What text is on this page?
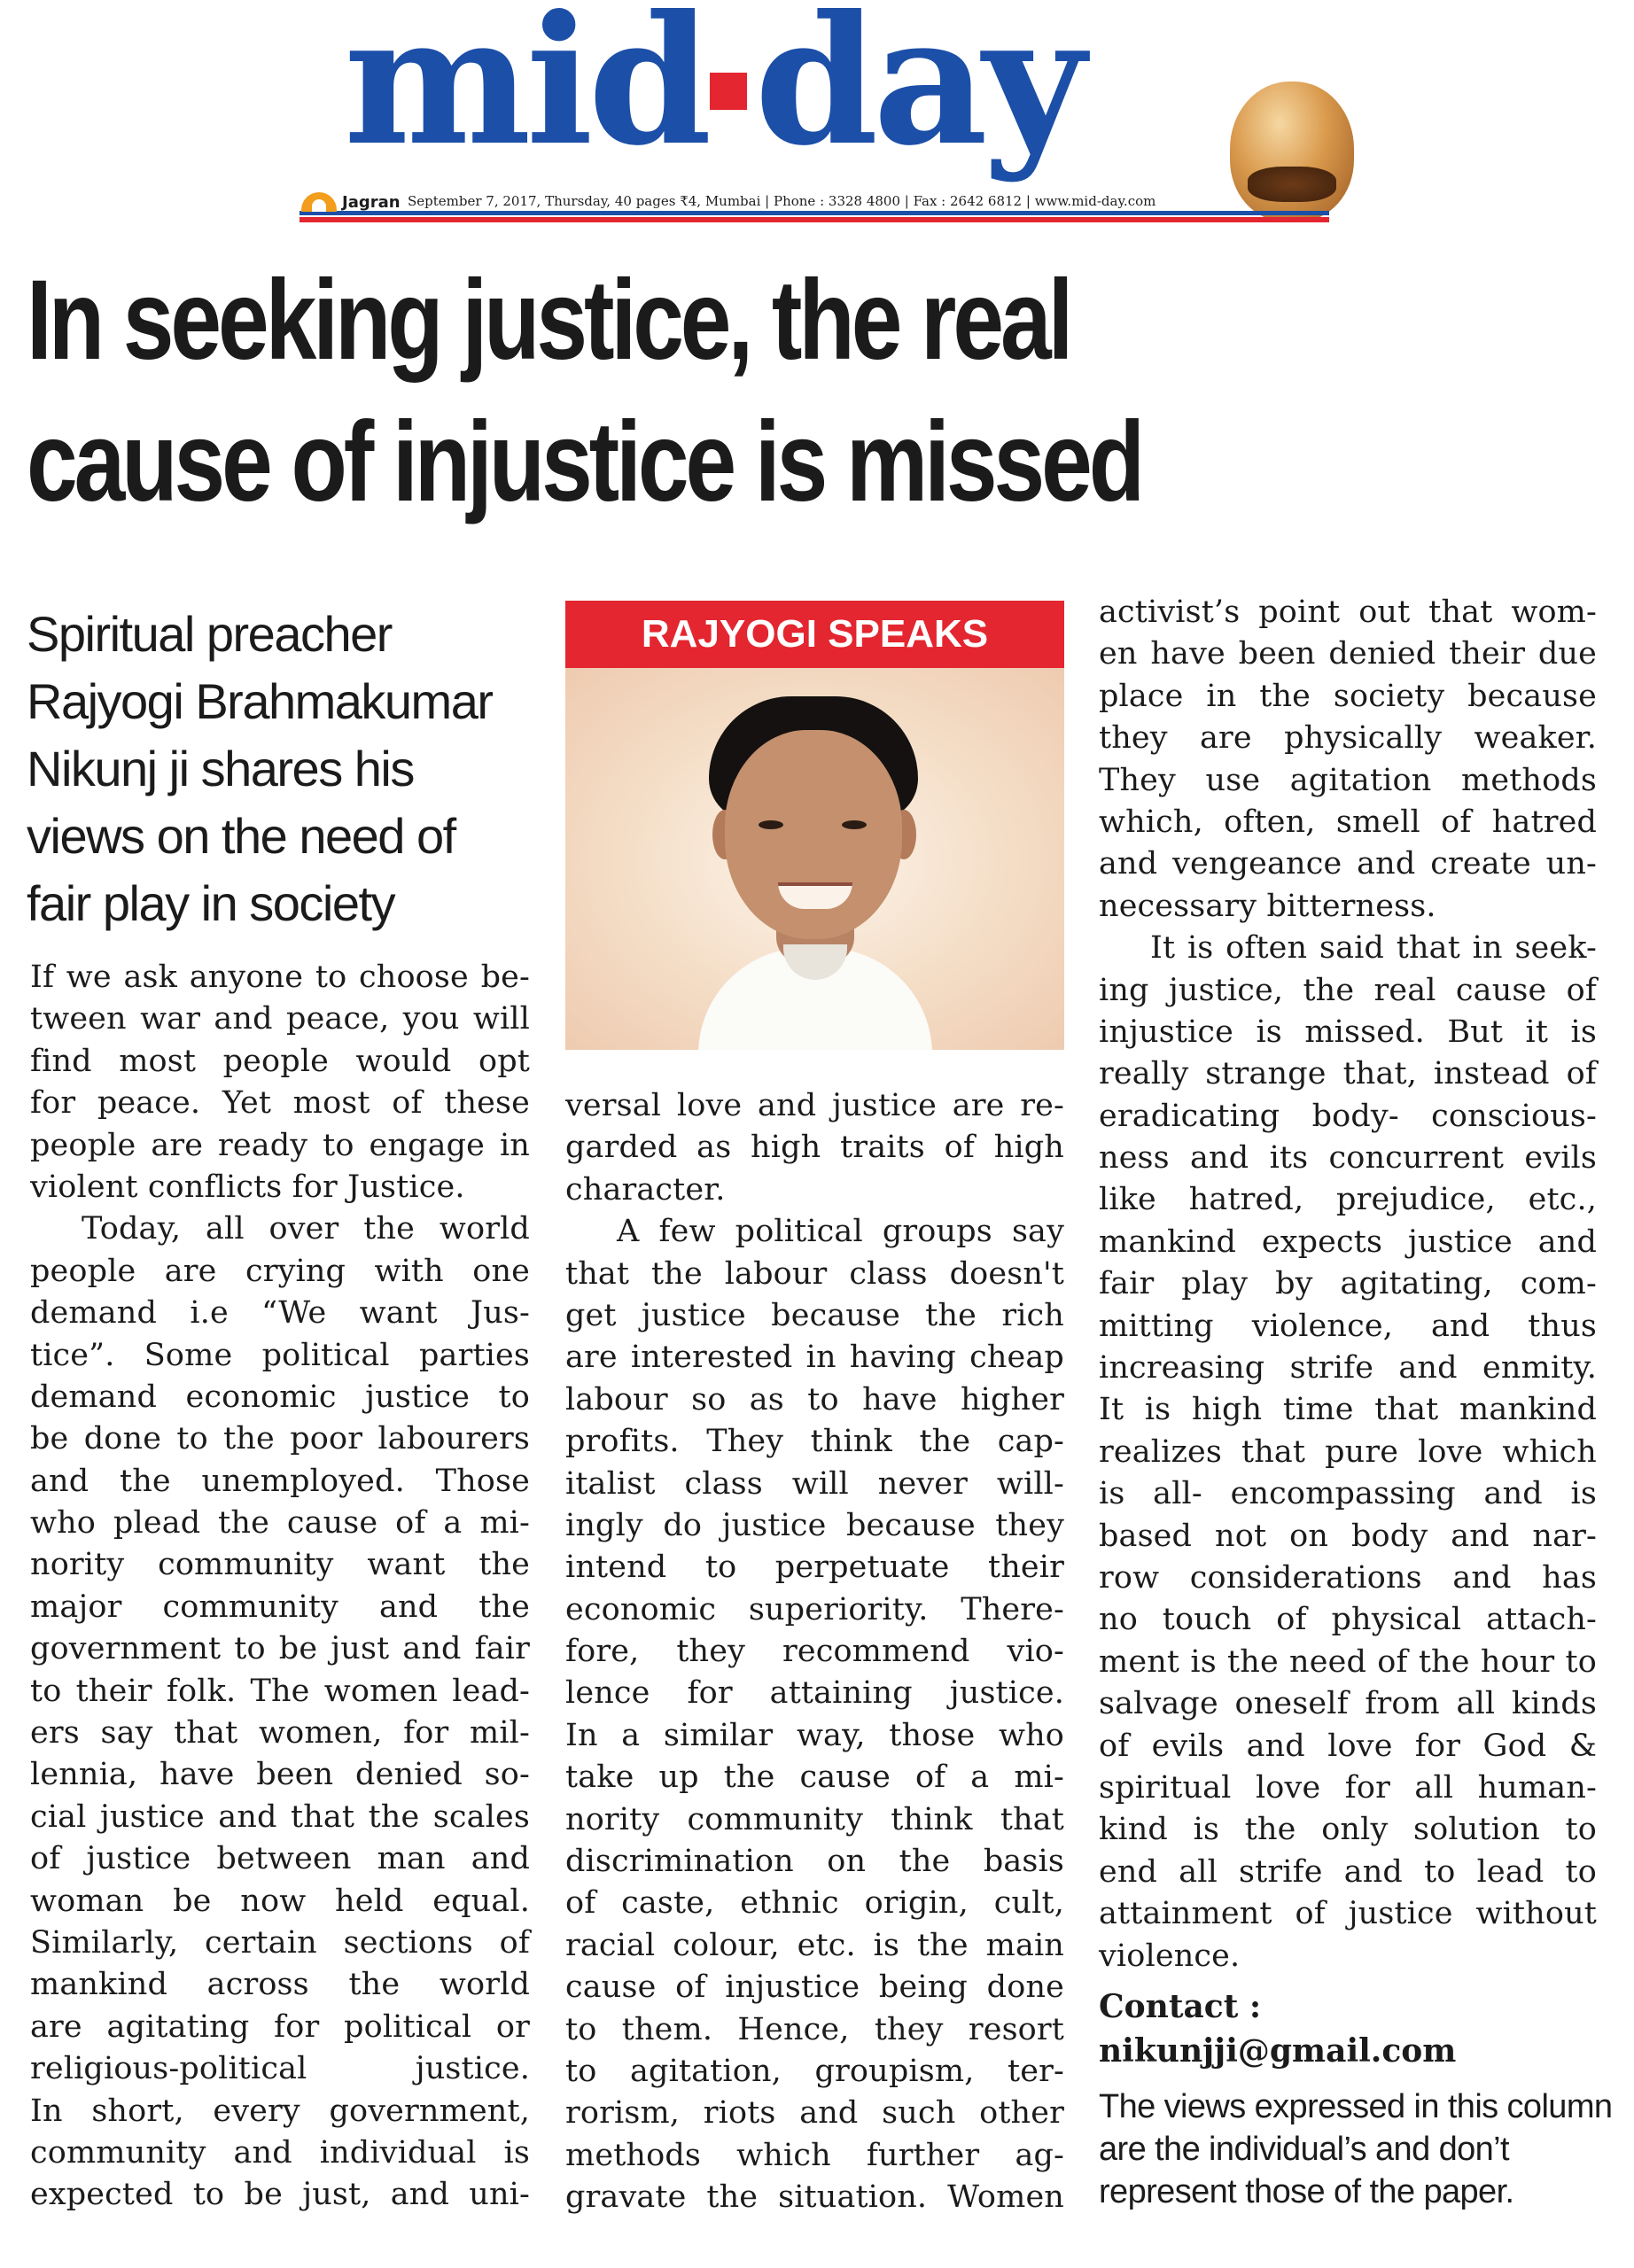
mid day
Jagran September 7, 2017, Thursday, 40 pages ₹4, Mumbai | Phone : 3328 4800 | Fax : 2642 6812 | www.mid-day.com
In seeking justice, the real
cause of injustice is missed
Spiritual preacher
Rajyogi Brahmakumar
Nikunj ji shares his
views on the need of
fair play in society
RAJYOGI SPEAKS
If we ask anyone to choose be-
tween war and peace, you will
find most people would opt
for peace. Yet most of these
people are ready to engage in
violent conflicts for Justice.
Today, all over the world
people are crying with one
demand i.e “We want Jus-
tice”. Some political parties
demand economic justice to
be done to the poor labourers
and the unemployed. Those
who plead the cause of a mi-
nority community want the
major community and the
government to be just and fair
to their folk. The women lead-
ers say that women, for mil-
lennia, have been denied so-
cial justice and that the scales
of justice between man and
woman be now held equal.
Similarly, certain sections of
mankind across the world
are agitating for political or
religious-political justice.
In short, every government,
community and individual is
expected to be just, and uni-
versal love and justice are re-
garded as high traits of high
character.
A few political groups say
that the labour class doesn't
get justice because the rich
are interested in having cheap
labour so as to have higher
profits. They think the cap-
italist class will never will-
ingly do justice because they
intend to perpetuate their
economic superiority. There-
fore, they recommend vio-
lence for attaining justice.
In a similar way, those who
take up the cause of a mi-
nority community think that
discrimination on the basis
of caste, ethnic origin, cult,
racial colour, etc. is the main
cause of injustice being done
to them. Hence, they resort
to agitation, groupism, ter-
rorism, riots and such other
methods which further ag-
gravate the situation. Women
activist’s point out that wom-
en have been denied their due
place in the society because
they are physically weaker.
They use agitation methods
which, often, smell of hatred
and vengeance and create un-
necessary bitterness.
It is often said that in seek-
ing justice, the real cause of
injustice is missed. But it is
really strange that, instead of
eradicating body- conscious-
ness and its concurrent evils
like hatred, prejudice, etc.,
mankind expects justice and
fair play by agitating, com-
mitting violence, and thus
increasing strife and enmity.
It is high time that mankind
realizes that pure love which
is all- encompassing and is
based not on body and nar-
row considerations and has
no touch of physical attach-
ment is the need of the hour to
salvage oneself from all kinds
of evils and love for God &
spiritual love for all human-
kind is the only solution to
end all strife and to lead to
attainment of justice without
violence.
Contact :
nikunjji@gmail.com
The views expressed in this column
are the individual’s and don’t
represent those of the paper.
